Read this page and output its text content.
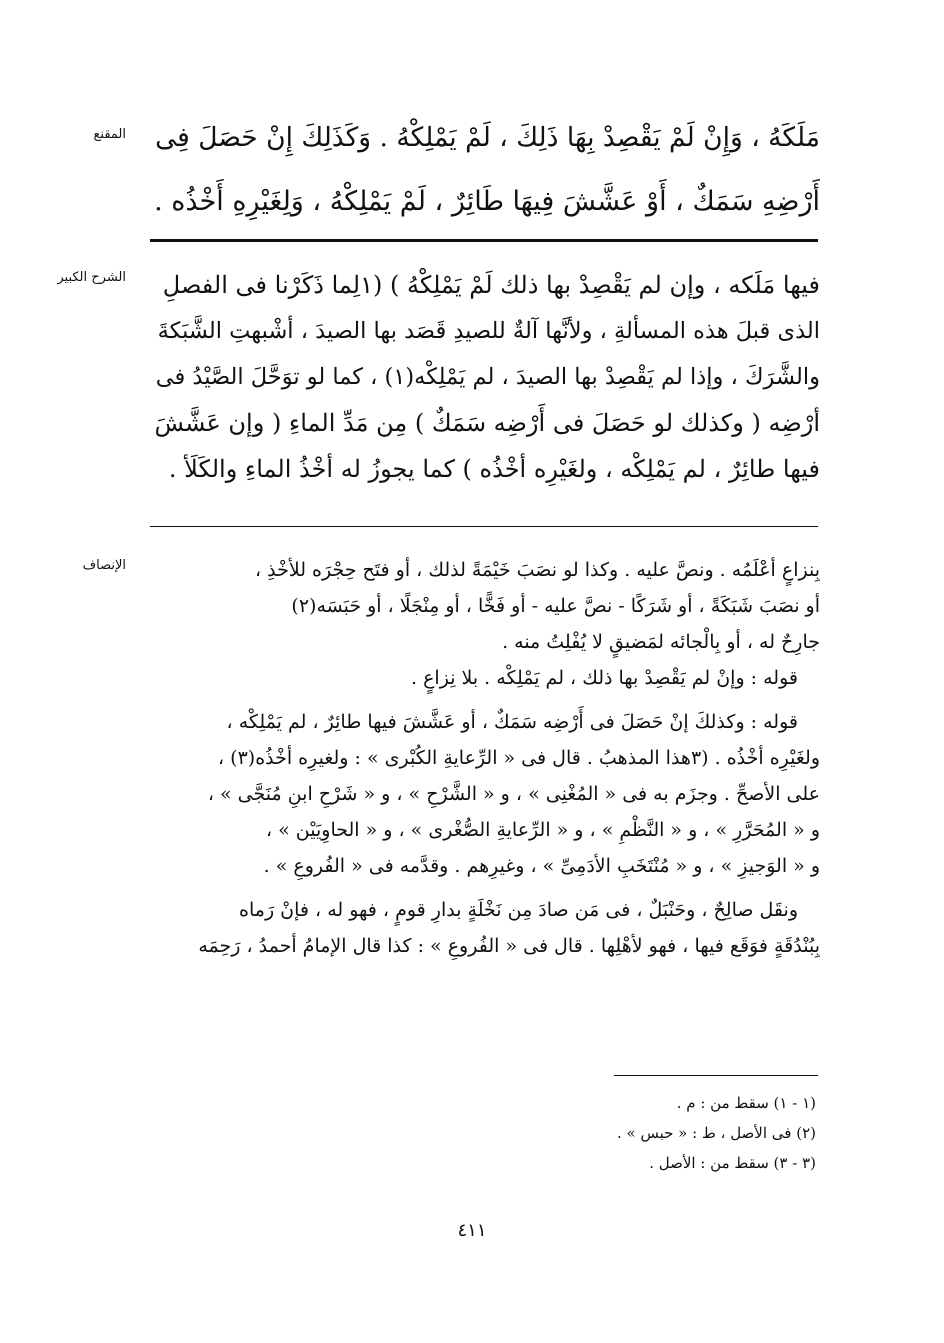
المقنع
الشرح الكبير
الإنصاف
مَلَكَهُ ، وَإِنْ لَمْ يَقْصِدْ بِهَا ذَلِكَ ، لَمْ يَمْلِكْهُ . وَكَذَلِكَ إِنْ حَصَلَ فِى
أَرْضِهِ سَمَكٌ ، أَوْ عَشَّشَ فِيهَا طَائِرٌ ، لَمْ يَمْلِكْهُ ، وَلِغَيْرِهِ أَخْذُه .
فيها مَلَكه ، وإن لم يَقْصِدْ بها ذلك لَمْ يَمْلِكْهُ ) (١لِما ذَكَرْنا فى الفصلِ
الذى قبلَ هذه المسألةِ ، ولأنَّها آلةٌ للصيدِ قَصَد بها الصيدَ ، أشْبهتِ الشَّبَكةَ
والشَّرَكَ ، وإذا لم يَقْصِدْ بها الصيدَ ، لم يَمْلِكْه(١) ، كما لو توَحَّلَ الصَّيْدُ فى
أرْضِه ( وكذلك لو حَصَلَ فى أَرْضِه سَمَكٌ ) مِن مَدِّ الماءِ ( وإن عَشَّشَ
فيها طائِرٌ ، لم يَمْلِكْه ، ولغَيْرِه أخْذُه ) كما يجوزُ له أخْذُ الماءِ والكَلَأ .
بِنزاعٍ أعْلَمُه . ونصَّ عليه . وكذا لو نصَبَ خَيْمَةً لذلك ، أو فتَح حِجْرَه للأخْذِ ،
أو نصَبَ شَبَكَةً ، أو شَرَكًا - نصَّ عليه - أو فَخًّا ، أو مِنْجَلًا ، أو حَبَسَه(٢)
جارِحٌ له ، أو بِالْجائه لمَضيقٍ لا يُفْلِتُ منه .
قوله : وإنْ لم يَقْصِدْ بها ذلك ، لم يَمْلِكْه . بلا نِزاعٍ .
قوله : وكذلكَ إنْ حَصَلَ فى أَرْضِه سَمَكٌ ، أو عَشَّشَ فيها طائِرٌ ، لم يَمْلِكْه ،
ولغَيْرِه أخْذُه . (٣هذا المذهبُ . قال فى « الرِّعايةِ الكُبْرى » : ولغيرِه أخْذُه(٣) ،
على الأصحِّ . وجزَم به فى « المُغْنِى » ، و « الشَّرْحِ » ، و « شَرْحِ ابنِ مُنَجَّى » ،
و « المُحَرَّرِ » ، و « النَّظْمِ » ، و « الرِّعايةِ الصُّغْرى » ، و « الحاوِيَيْن » ،
و « الوَجيزِ » ، و « مُنْتَخَبِ الأدَمِىِّ » ، وغيرِهم . وقدَّمه فى « الفُروعِ » .
ونقَل صالِحٌ ، وحَنْبَلٌ ، فى مَن صادَ مِن نَخْلَةٍ بدارِ قومٍ ، فهو له ، فإنْ رَماه
بِبُنْدُقَةٍ فوَقَع فيها ، فهو لأهْلِها . قال فى « الفُروعِ » : كذا قال الإمامُ أحمدُ ، رَحِمَه
(١ - ١) سقط من : م .
(٢) فى الأصل ، ط : « حبس » .
(٣ - ٣) سقط من : الأصل .
٤١١
